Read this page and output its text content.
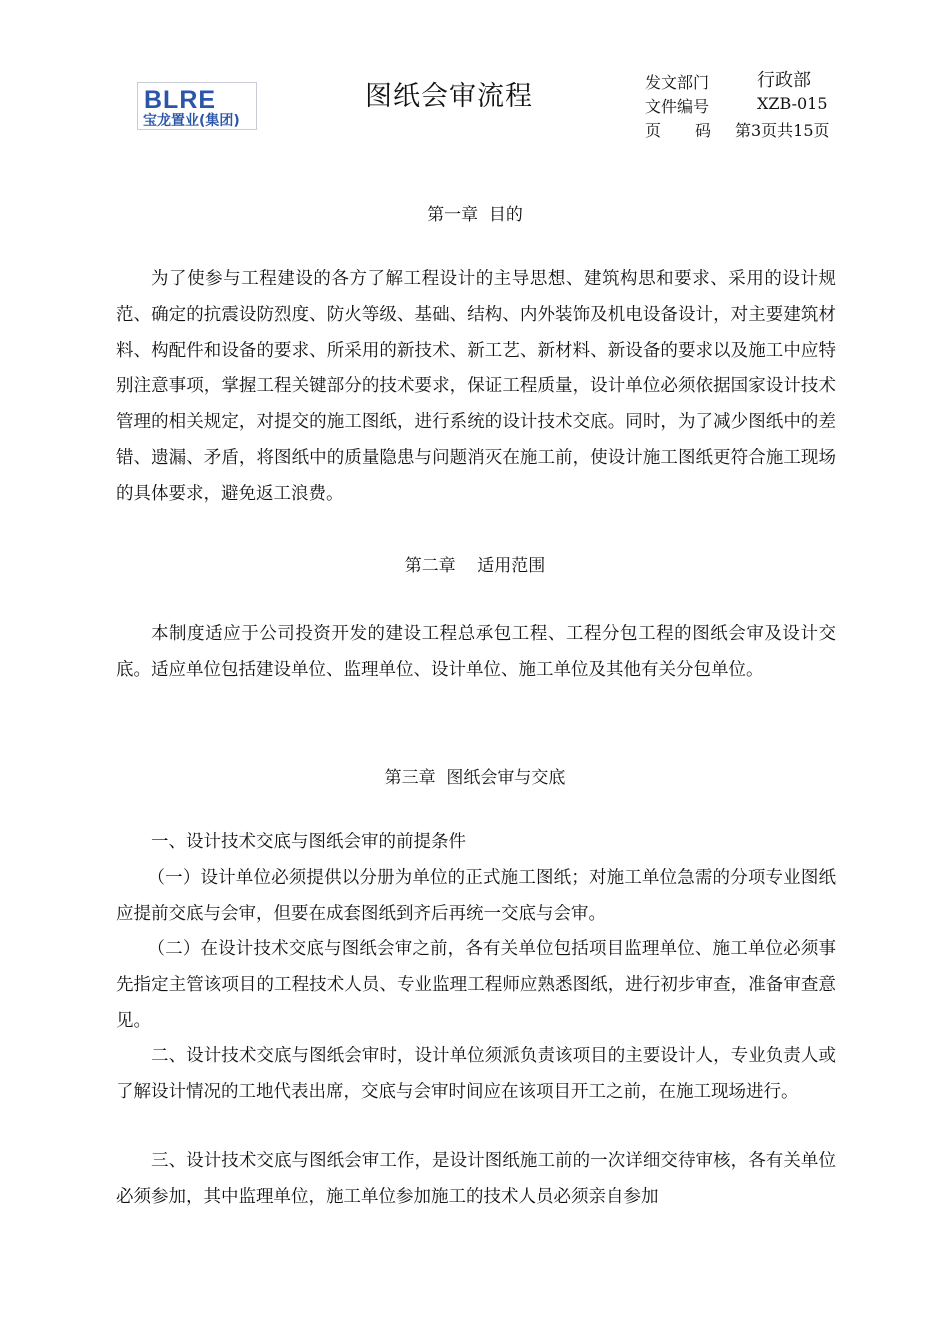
BLRE
宝龙置业(集团)
图纸会审流程	发文部门	行政部
文件编号	XZB-015
页 码 第3页共15页
第一章  目的
为了使参与工程建设的各方了解工程设计的主导思想、建筑构思和要求、采用的设计规范、确定的抗震设防烈度、防火等级、基础、结构、内外装饰及机电设备设计，对主要建筑材料、构配件和设备的要求、所采用的新技术、新工艺、新材料、新设备的要求以及施工中应特别注意事项，掌握工程关键部分的技术要求，保证工程质量，设计单位必须依据国家设计技术管理的相关规定，对提交的施工图纸，进行系统的设计技术交底。同时，为了减少图纸中的差错、遗漏、矛盾，将图纸中的质量隐患与问题消灭在施工前，使设计施工图纸更符合施工现场的具体要求，避免返工浪费。
第二章    适用范围
本制度适应于公司投资开发的建设工程总承包工程、工程分包工程的图纸会审及设计交底。适应单位包括建设单位、监理单位、设计单位、施工单位及其他有关分包单位。
第三章  图纸会审与交底
一、设计技术交底与图纸会审的前提条件
（一）设计单位必须提供以分册为单位的正式施工图纸；对施工单位急需的分项专业图纸应提前交底与会审，但要在成套图纸到齐后再统一交底与会审。
（二）在设计技术交底与图纸会审之前，各有关单位包括项目监理单位、施工单位必须事先指定主管该项目的工程技术人员、专业监理工程师应熟悉图纸，进行初步审查，准备审查意见。
二、设计技术交底与图纸会审时，设计单位须派负责该项目的主要设计人，专业负责人或了解设计情况的工地代表出席，交底与会审时间应在该项目开工之前，在施工现场进行。
三、设计技术交底与图纸会审工作，是设计图纸施工前的一次详细交待审核，各有关单位必须参加，其中监理单位，施工单位参加施工的技术人员必须亲自参加
